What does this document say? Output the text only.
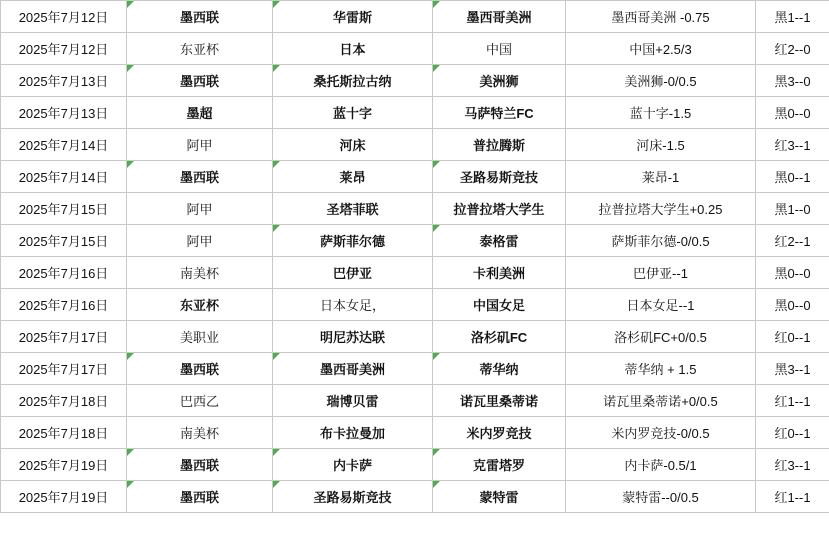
2025年7月12日	墨西联	华雷斯	墨西哥美洲	墨西哥美洲 -0.75	黑1--1
2025年7月12日	东亚杯	日本	中国	中国+2.5/3	红2--0
2025年7月13日	墨西联	桑托斯拉古纳	美洲狮	美洲狮-0/0.5	黑3--0
2025年7月13日	墨超	蓝十字	马萨特兰FC	蓝十字-1.5	黑0--0
2025年7月14日	阿甲	河床	普拉腾斯	河床-1.5	红3--1
2025年7月14日	墨西联	莱昂	圣路易斯竞技	莱昂-1	黑0--1
2025年7月15日	阿甲	圣塔菲联	拉普拉塔大学生	拉普拉塔大学生+0.25	黑1--0
2025年7月15日	阿甲	萨斯菲尔德	泰格雷	萨斯菲尔德-0/0.5	红2--1
2025年7月16日	南美杯	巴伊亚	卡利美洲	巴伊亚--1	黑0--0
2025年7月16日	东亚杯	日本女足，	中国女足	日本女足--1	黑0--0
2025年7月17日	美职业	明尼苏达联	洛杉矶FC	洛杉矶FC+0/0.5	红0--1
2025年7月17日	墨西联	墨西哥美洲	蒂华纳	蒂华纳 + 1.5	黑3--1
2025年7月18日	巴西乙	瑞博贝雷	诺瓦里桑蒂诺	诺瓦里桑蒂诺+0/0.5	红1--1
2025年7月18日	南美杯	布卡拉曼加	米内罗竞技	米内罗竞技-0/0.5	红0--1
2025年7月19日	墨西联	内卡萨	克雷塔罗	内卡萨-0.5/1	红3--1
2025年7月19日	墨西联	圣路易斯竞技	蒙特雷	蒙特雷--0/0.5	红1--1
